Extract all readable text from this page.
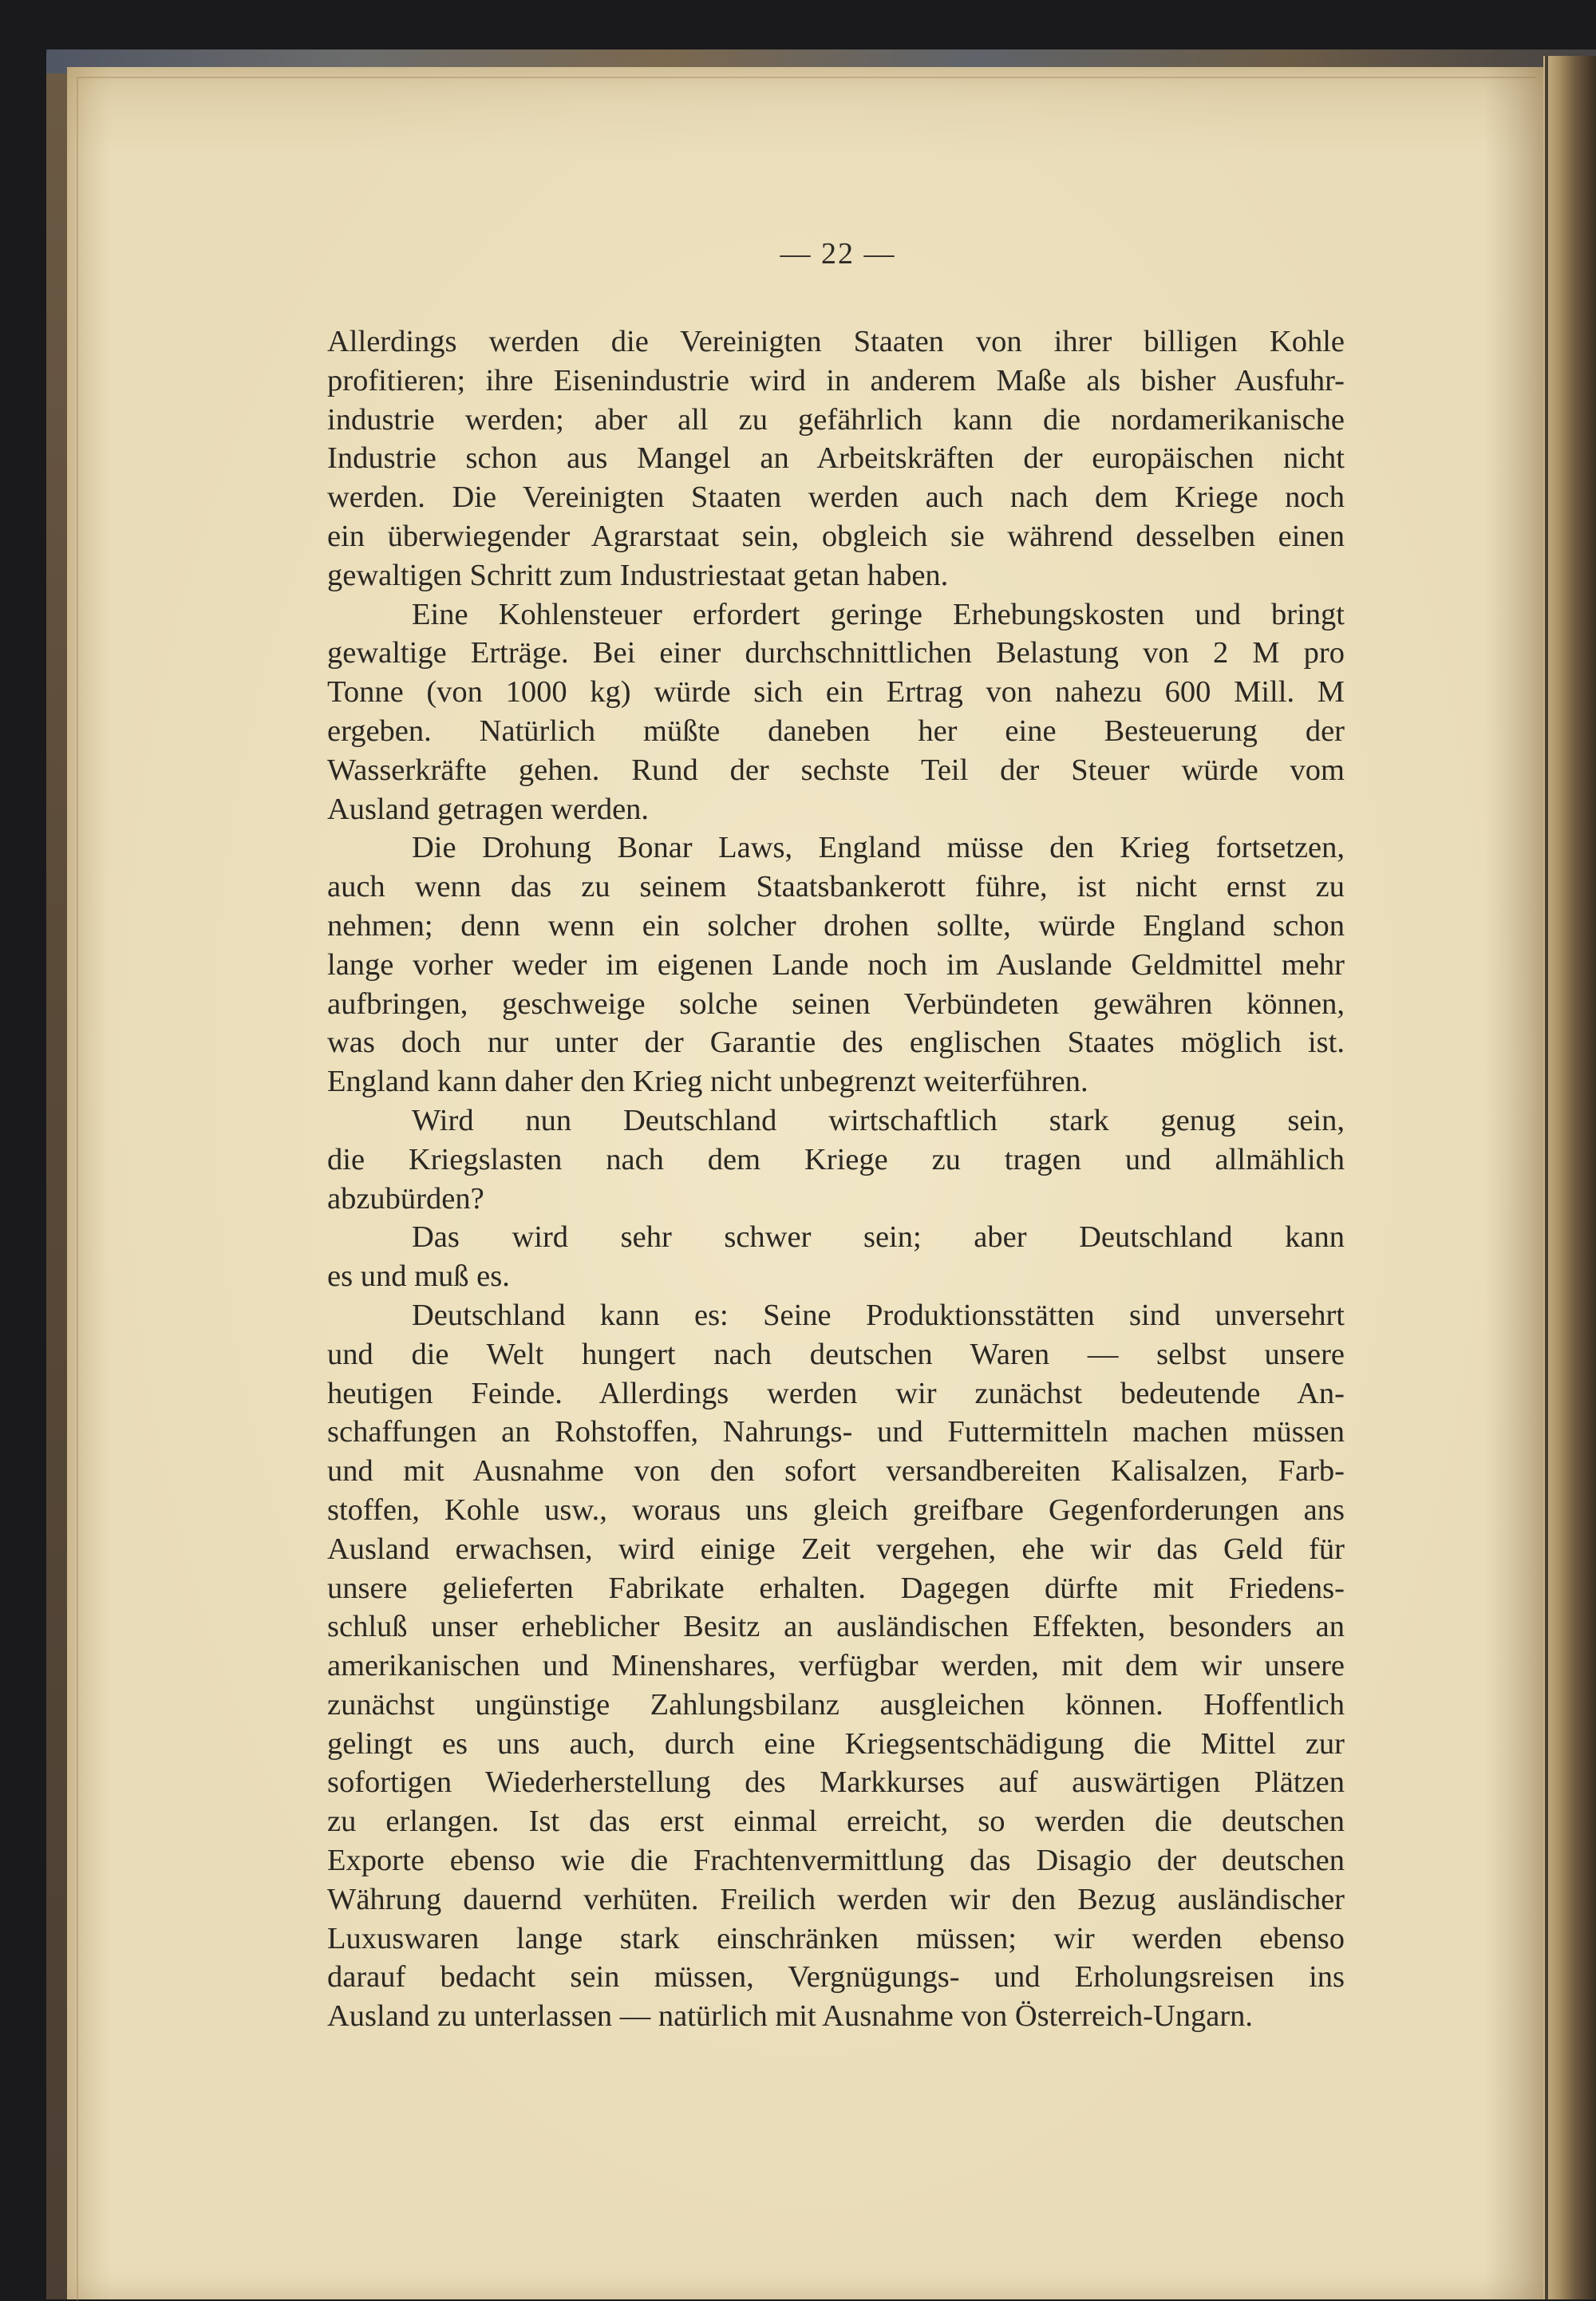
— 22 —
Allerdings werden die Vereinigten Staaten von ihrer billigen Kohle
profitieren; ihre Eisenindustrie wird in anderem Maße als bisher Ausfuhr-
industrie werden; aber all zu gefährlich kann die nordamerikanische
Industrie schon aus Mangel an Arbeitskräften der europäischen nicht
werden. Die Vereinigten Staaten werden auch nach dem Kriege noch
ein überwiegender Agrarstaat sein, obgleich sie während desselben einen
gewaltigen Schritt zum Industriestaat getan haben.
Eine Kohlensteuer erfordert geringe Erhebungskosten und bringt
gewaltige Erträge. Bei einer durchschnittlichen Belastung von 2 M pro
Tonne (von 1000 kg) würde sich ein Ertrag von nahezu 600 Mill. M
ergeben. Natürlich müßte daneben her eine Besteuerung der
Wasserkräfte gehen. Rund der sechste Teil der Steuer würde vom
Ausland getragen werden.
Die Drohung Bonar Laws, England müsse den Krieg fortsetzen,
auch wenn das zu seinem Staatsbankerott führe, ist nicht ernst zu
nehmen; denn wenn ein solcher drohen sollte, würde England schon
lange vorher weder im eigenen Lande noch im Auslande Geldmittel mehr
aufbringen, geschweige solche seinen Verbündeten gewähren können,
was doch nur unter der Garantie des englischen Staates möglich ist.
England kann daher den Krieg nicht unbegrenzt weiterführen.
Wird nun Deutschland wirtschaftlich stark genug sein,
die Kriegslasten nach dem Kriege zu tragen und allmählich
abzubürden?
Das wird sehr schwer sein; aber Deutschland kann
es und muß es.
Deutschland kann es: Seine Produktionsstätten sind unversehrt
und die Welt hungert nach deutschen Waren — selbst unsere
heutigen Feinde. Allerdings werden wir zunächst bedeutende An-
schaffungen an Rohstoffen, Nahrungs- und Futtermitteln machen müssen
und mit Ausnahme von den sofort versandbereiten Kalisalzen, Farb-
stoffen, Kohle usw., woraus uns gleich greifbare Gegenforderungen ans
Ausland erwachsen, wird einige Zeit vergehen, ehe wir das Geld für
unsere gelieferten Fabrikate erhalten. Dagegen dürfte mit Friedens-
schluß unser erheblicher Besitz an ausländischen Effekten, besonders an
amerikanischen und Minenshares, verfügbar werden, mit dem wir unsere
zunächst ungünstige Zahlungsbilanz ausgleichen können. Hoffentlich
gelingt es uns auch, durch eine Kriegsentschädigung die Mittel zur
sofortigen Wiederherstellung des Markkurses auf auswärtigen Plätzen
zu erlangen. Ist das erst einmal erreicht, so werden die deutschen
Exporte ebenso wie die Frachtenvermittlung das Disagio der deutschen
Währung dauernd verhüten. Freilich werden wir den Bezug ausländischer
Luxuswaren lange stark einschränken müssen; wir werden ebenso
darauf bedacht sein müssen, Vergnügungs- und Erholungsreisen ins
Ausland zu unterlassen — natürlich mit Ausnahme von Österreich-Ungarn.
